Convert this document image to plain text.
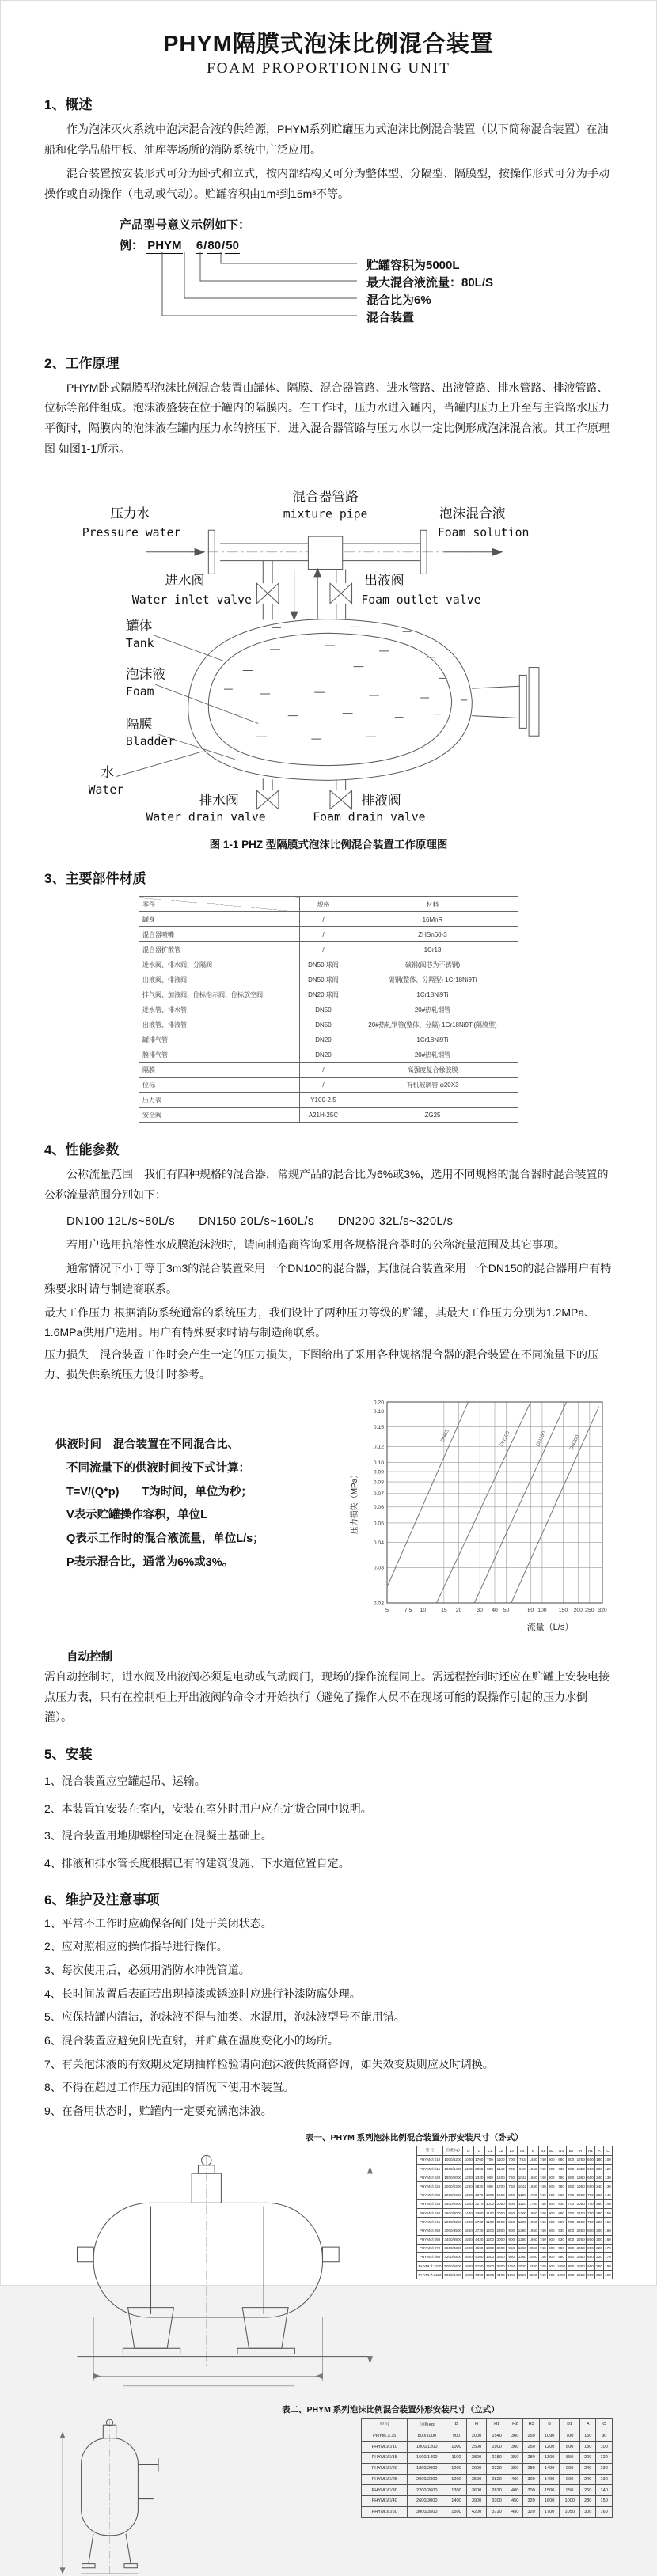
PHYM隔膜式泡沫比例混合装置
FOAM PROPORTIONING UNIT
1、概述

作为泡沫灭火系统中泡沫混合液的供给源，PHYM系列贮罐压力式泡沫比例混合装置（以下简称混合装置）在油船和化学品船甲板、油库等场所的消防系统中广泛应用。

混合装置按安装形式可分为卧式和立式，按内部结构又可分为整体型、分隔型、隔膜型，按操作形式可分为手动操作或自动操作（电动或气动）。贮罐容积由1m³到15m³不等。

产品型号意义示例如下：
例： PHYM 6/80/50
贮罐容积为5000L
最大混合液流量：80L/S
混合比为6%
混合装置
2、工作原理

PHYM卧式隔膜型泡沫比例混合装置由罐体、隔膜、混合器管路、进水管路、出液管路、排水管路、排液管路、位标等部件组成。泡沫液盛装在位于罐内的隔膜内。在工作时，压力水进入罐内，当罐内压力上升至与主管路水压力平衡时，隔膜内的泡沫液在罐内压力水的挤压下，进入混合器管路与压力水以一定比例形成泡沫混合液。其工作原理图 如图1-1所示。

压力水
Pressure water
混合器管路
mixture pipe	泡沫混合液
Foam solution
进水阀
Water inlet valve
出液阀
Foam outlet valve
罐体
Tank
泡沫液
Foam
隔膜
Bladder
水
Water
排水阀
Water drain valve
排液阀
Foam drain valve
图 1-1 PHZ 型隔膜式泡沫比例混合装置工作原理图
3、主要部件材质
零件	规格	材料
罐身	/	16MnR
混合器喷嘴	/	ZHSn60-3
混合器扩散管	/	1Cr13
进水阀、排水阀、分隔阀	DN50 球阀	碳钢(阀芯为不锈钢)
出液阀、排液阀	DN50 球阀	碳钢(整体、分隔型) 1Cr18Ni9Ti
排气阀、加液阀、位标指示阀、位标放空阀	DN20 球阀	1Cr18Ni9Ti
进水管、排水管	DN50	20#热轧钢管
出液管、排液管	DN50	20#热轧钢管(整体、分隔) 1Cr18Ni9Ti(隔膜型)
罐排气管	DN20	1Cr18Ni9Ti
膜排气管	DN20	20#热轧钢管
隔膜	/	高强度复合橡胶膜
位标	/	有机玻璃管 φ20X3
压力表	Y100-2.5	
安全阀	A21H-25C	ZG25
4、性能参数

公称流量范围　我们有四种规格的混合器，常规产品的混合比为6%或3%，选用不同规格的混合器时混合装置的公称流量范围分别如下：

DN100 12L/s~80L/s　　DN150 20L/s~160L/s　　DN200 32L/s~320L/s

若用户选用抗溶性水成膜泡沫液时，请向制造商咨询采用各规格混合器时的公称流量范围及其它事项。

通常情况下小于等于3m3的混合装置采用一个DN100的混合器，其他混合装置采用一个DN150的混合器用户有特殊要求时请与制造商联系。

最大工作压力 根据消防系统通常的系统压力，我们设计了两种压力等级的贮罐，其最大工作压力分别为1.2MPa、1.6MPa供用户选用。用户有特殊要求时请与制造商联系。

压力损失　混合装置工作时会产生一定的压力损失，下图给出了采用各种规格混合器的混合装置在不同流量下的压力、损失供系统压力设计时参考。

供液时间　混合装置在不同混合比、
不同流量下的供液时间按下式计算：
T=V/(Q*p)　　T为时间，单位为秒；
V表示贮罐操作容积，单位L
Q表示工作时的混合液流量，单位L/s；
P表示混合比，通常为6%或3%。
5	7.5 10	15 20	30 40 50	80 100 150 200 250 320
0.02
0.03
0.04
0.05
0.06
0.07
0.08
0.09
0.10
0.12
0.15
0.18
0.20
DN65	DN100	DN150	DN200
压力损失（MPa）
流量（L/s）
自动控制

需自动控制时，进水阀及出液阀必须是电动或气动阀门，现场的操作流程同上。需远程控制时还应在贮罐上安装电接点压力表，只有在控制柜上开出液阀的命令才开始执行（避免了操作人员不在现场可能的误操作引起的压力水倒灌）。

5、安装
1、混合装置应空罐起吊、运输。
2、本装置宜安装在室内，安装在室外时用户应在定货合同中说明。
3、混合装置用地脚螺栓固定在混凝土基础上。
4、排液和排水管长度根据已有的建筑设施、下水道位置自定。
6、维护及注意事项
1、平常不工作时应确保各阀门处于关闭状态。
2、应对照相应的操作指导进行操作。
3、每次使用后，必须用消防水冲洗管道。
4、长时间放置后表面若出现掉漆或锈迹时应进行补漆防腐处理。
5、应保持罐内清洁，泡沫液不得与油类、水混用，泡沫液型号不能用错。
6、混合装置应避免阳光直射，并贮藏在温度变化小的场所。
7、有关泡沫液的有效期及定期抽样检验请向泡沫液供货商咨询，如失效变质则应及时调换。
8、不得在超过工作压力范围的情况下使用本装置。
9、在备用状态时，贮罐内一定要充满泡沫液。
表一、PHYM 系列泡沫比例混合装置外形安装尺寸（卧式）
型 号	自重(kg)	D	L	L1	L2	L3	L4	B	B1	B2	B3	B4	H	H1	A	C
PHYM□/□/10	1000/1200	1000	1760	700	1100	700	763	1450	740	900	680	600	1750	600	180	100
PHYM□/□/15	1600/1400	1100	2050	800	1140	700	910	1550	740	900	730	650	1850	650	200	120
PHYM□/□/20	1800/2000	1200	2320	900	1200	750	1042	1650	740	900	780	650	1950	650	240	130
PHYM□/□/25	2000/2300	1200	2820	900	1700	750	1042	1650	740	900	780	650	1950	650	240	130
PHYM□/□/30	2200/2600	1300	2870	1000	1650	800	1120	1750	740	900	830	700	2050	700	260	140
PHYM□/□/35	2400/2800	1300	3270	1000	2050	800	1120	1750	740	900	830	700	2050	700	260	140
PHYM□/□/40	2600/3000	1400	3300	1100	2000	850	1200	1850	740	900	880	750	2150	750	280	150
PHYM□/□/45	2800/3200	1400	3700	1100	2400	850	1200	1850	740	900	880	750	2150	750	280	150
PHYM□/□/50	3000/3500	1500	3720	1200	2300	900	1280	1950	740	900	930	800	2250	800	300	160
PHYM□/□/60	3400/3900	1500	4420	1200	3000	900	1280	1950	740	900	930	800	2250	800	300	160
PHYM□/□/70	3800/4300	1600	4500	1300	3000	950	1360	2050	740	900	980	850	2350	850	320	170
PHYM□/□/80	4200/4800	1600	5100	1300	3600	950	1360	2050	740	900	980	850	2350	850	320	170
PHYM□/□/100	5000/5600	1800	5150	1500	3500	1050	1520	2250	740	900	1080	950	2550	950	360	190
PHYM□/□/120	5800/6400	1800	6050	1500	4400	1050	1520	2250	740	900	1080	950	2550	950	360	190
表二、PHYM 系列泡沫比例混合装置外形安装尺寸（立式）
型 号	自重(kg)	D	H	H1	H2	H3	B	B1	A	C
PHYM□/□/5	800/1000	900	2000	1540	300	250	1090	700	150	90
PHYM□/□/10	1000/1200	1000	2500	1900	300	250	1200	800	180	100
PHYM□/□/15	1600/1400	1100	2800	2150	350	280	1300	850	200	120
PHYM□/□/20	1800/2000	1200	3000	2320	350	280	1400	900	240	130
PHYM□/□/25	2000/2300	1200	3500	2820	400	300	1400	900	240	130
PHYM□/□/30	2200/2600	1300	3600	2870	400	300	1500	950	260	140
PHYM□/□/40	2600/3000	1400	3900	3300	450	320	1600	1000	280	150
PHYM□/□/50	3000/3500	1500	4200	3720	450	320	1700	1050	300	160
